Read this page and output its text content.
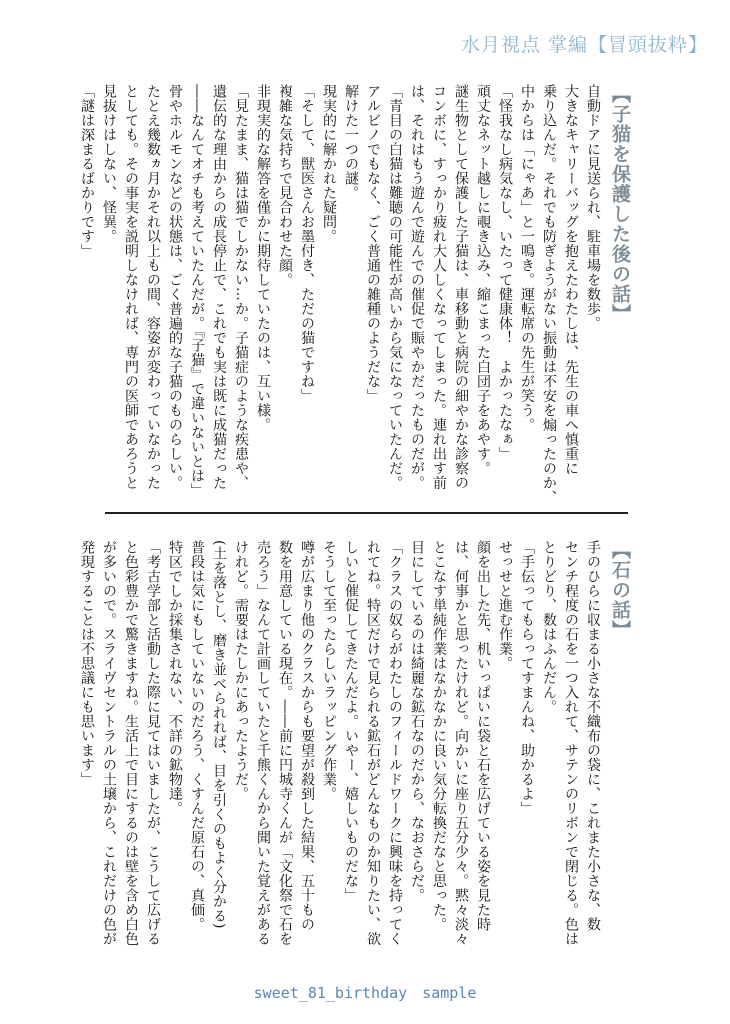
水月視点 掌編【冒頭抜粋】
【子猫を保護した後の話】
自動ドアに見送られ、駐車場を数歩。
大きなキャリーバッグを抱えたわたしは、先生の車へ慎重に
乗り込んだ。それでも防ぎようがない振動は不安を煽ったのか、
中からは「にゃあ」と一鳴き。運転席の先生が笑う。
「怪我なし病気なし、いたって健康体！　よかったなぁ」
頑丈なネット越しに覗き込み、縮こまった白団子をあやす。
謎生物として保護した子猫は、車移動と病院の細やかな診察の
コンボに、すっかり疲れ大人しくなってしまった。連れ出す前
は、それはもう遊んで遊んでの催促で賑やかだったものだが。
「青目の白猫は難聴の可能性が高いから気になっていたんだ。
アルビノでもなく、ごく普通の雑種のようだな」
解けた一つの謎。
現実的に解かれた疑問。
「そして、獣医さんお墨付き、ただの猫ですね」
複雑な気持ちで見合わせた顔。
非現実的な解答を僅かに期待していたのは、互い様。
「見たまま、猫は猫でしかない…か。子猫症のような疾患や、
遺伝的な理由からの成長停止で、これでも実は既に成猫だった
――なんてオチも考えていたんだが。『子猫』で違いないとは」
骨やホルモンなどの状態は、ごく普遍的な子猫のものらしい。
たとえ幾数ヵ月かそれ以上もの間、容姿が変わっていなかった
としても。その事実を説明しなければ、専門の医師であろうと
見抜けはしない、怪異。
「謎は深まるばかりです」
【石の話】
手のひらに収まる小さな不織布の袋に、これまた小さな、数
センチ程度の石を一つ入れて、サテンのリボンで閉じる。色は
とりどり、数はふんだん。
「手伝ってもらってすまんね、助かるよ」
せっせと進む作業。
顔を出した先、机いっぱいに袋と石を広げている姿を見た時
は、何事かと思ったけれど。向かいに座り五分少々。黙々淡々
とこなす単純作業はなかなかに良い気分転換だなと思った。
目にしているのは綺麗な鉱石なのだから、なおさらだ。
「クラスの奴らがわたしのフィールドワークに興味を持ってく
れてね。特区だけで見られる鉱石がどんなものか知りたい、欲
しいと催促してきたんだよ。いやー、嬉しいものだな」
そうして至ったらしいラッピング作業。
噂が広まり他のクラスからも要望が殺到した結果、五十もの
数を用意している現在。――前に円城寺くんが「文化祭で石を
売ろう」なんて計画していたと千熊くんから聞いた覚えがある
けれど。需要はたしかにあったようだ。
(土を落とし、磨き並べられれば、目を引くのもよく分かる)
普段は気にもしていないのだろう、くすんだ原石の、真価。
特区でしか採集されない、不詳の鉱物達。
「考古学部と活動した際に見てはいましたが、こうして広げる
と色彩豊かで驚きますね。生活上で目にするのは壁を含め白色
が多いので。スライヴセントラルの土壌から、これだけの色が
発現することは不思議にも思います」
sweet_81_birthday　sample
